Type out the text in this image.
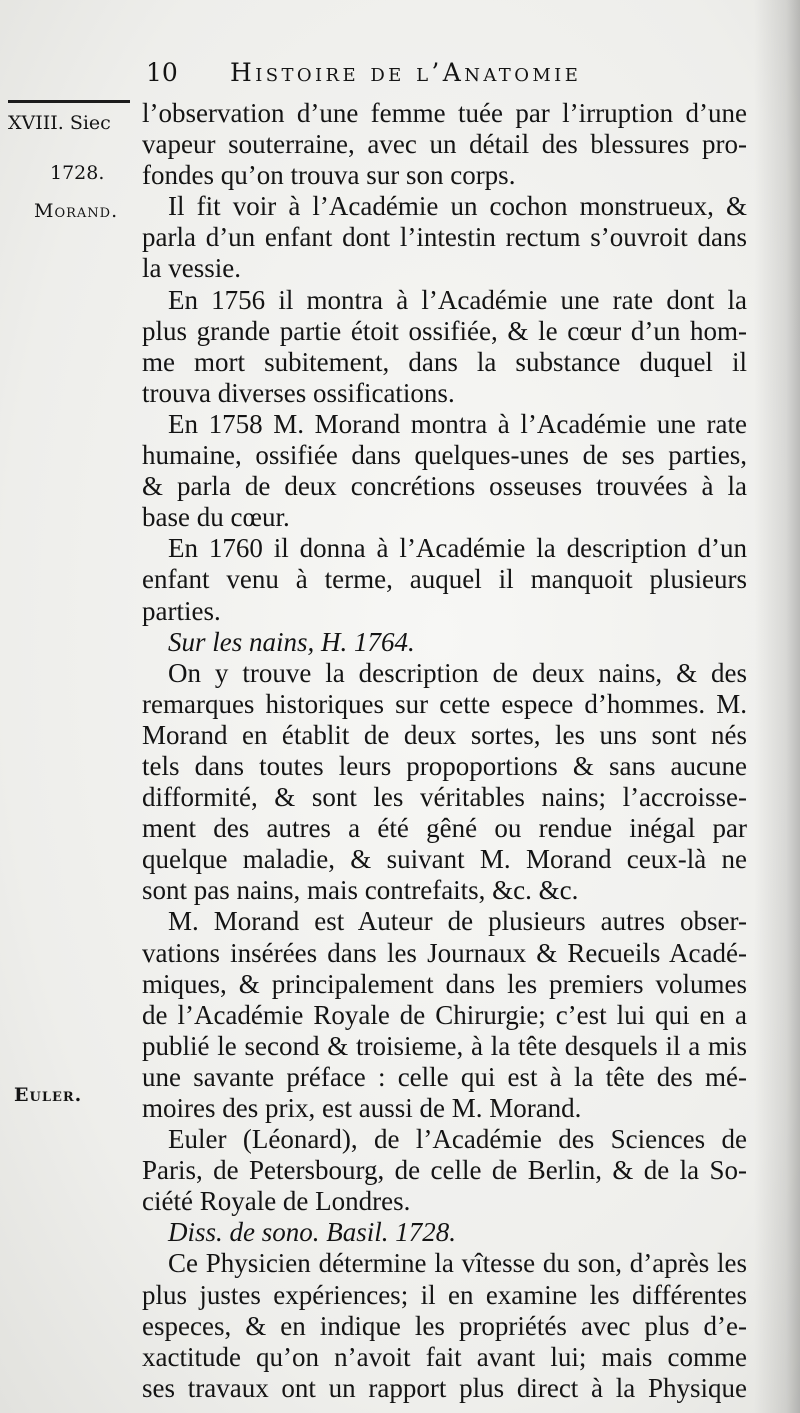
10 Histoire de l’Anatomie
XVIII. Siec
1728.
Morand.
Euler.
l’observation d’une femme tuée par l’irruption d’une
vapeur souterraine, avec un détail des blessures pro-
fondes qu’on trouva sur son corps.
Il fit voir à l’Académie un cochon monstrueux, &
parla d’un enfant dont l’intestin rectum s’ouvroit dans
la vessie.
En 1756 il montra à l’Académie une rate dont la
plus grande partie étoit ossifiée, & le cœur d’un hom-
me mort subitement, dans la substance duquel il
trouva diverses ossifications.
En 1758 M. Morand montra à l’Académie une rate
humaine, ossifiée dans quelques-unes de ses parties,
& parla de deux concrétions osseuses trouvées à la
base du cœur.
En 1760 il donna à l’Académie la description d’un
enfant venu à terme, auquel il manquoit plusieurs
parties.
Sur les nains, H. 1764.
On y trouve la description de deux nains, & des
remarques historiques sur cette espece d’hommes. M.
Morand en établit de deux sortes, les uns sont nés
tels dans toutes leurs propoportions & sans aucune
difformité, & sont les véritables nains; l’accroisse-
ment des autres a été gêné ou rendue inégal par
quelque maladie, & suivant M. Morand ceux-là ne
sont pas nains, mais contrefaits, &c. &c.
M. Morand est Auteur de plusieurs autres obser-
vations insérées dans les Journaux & Recueils Acadé-
miques, & principalement dans les premiers volumes
de l’Académie Royale de Chirurgie; c’est lui qui en a
publié le second & troisieme, à la tête desquels il a mis
une savante préface : celle qui est à la tête des mé-
moires des prix, est aussi de M. Morand.
Euler (Léonard), de l’Académie des Sciences de
Paris, de Petersbourg, de celle de Berlin, & de la So-
ciété Royale de Londres.
Diss. de sono. Basil. 1728.
Ce Physicien détermine la vîtesse du son, d’après les
plus justes expériences; il en examine les différentes
especes, & en indique les propriétés avec plus d’e-
xactitude qu’on n’avoit fait avant lui; mais comme
ses travaux ont un rapport plus direct à la Physique
